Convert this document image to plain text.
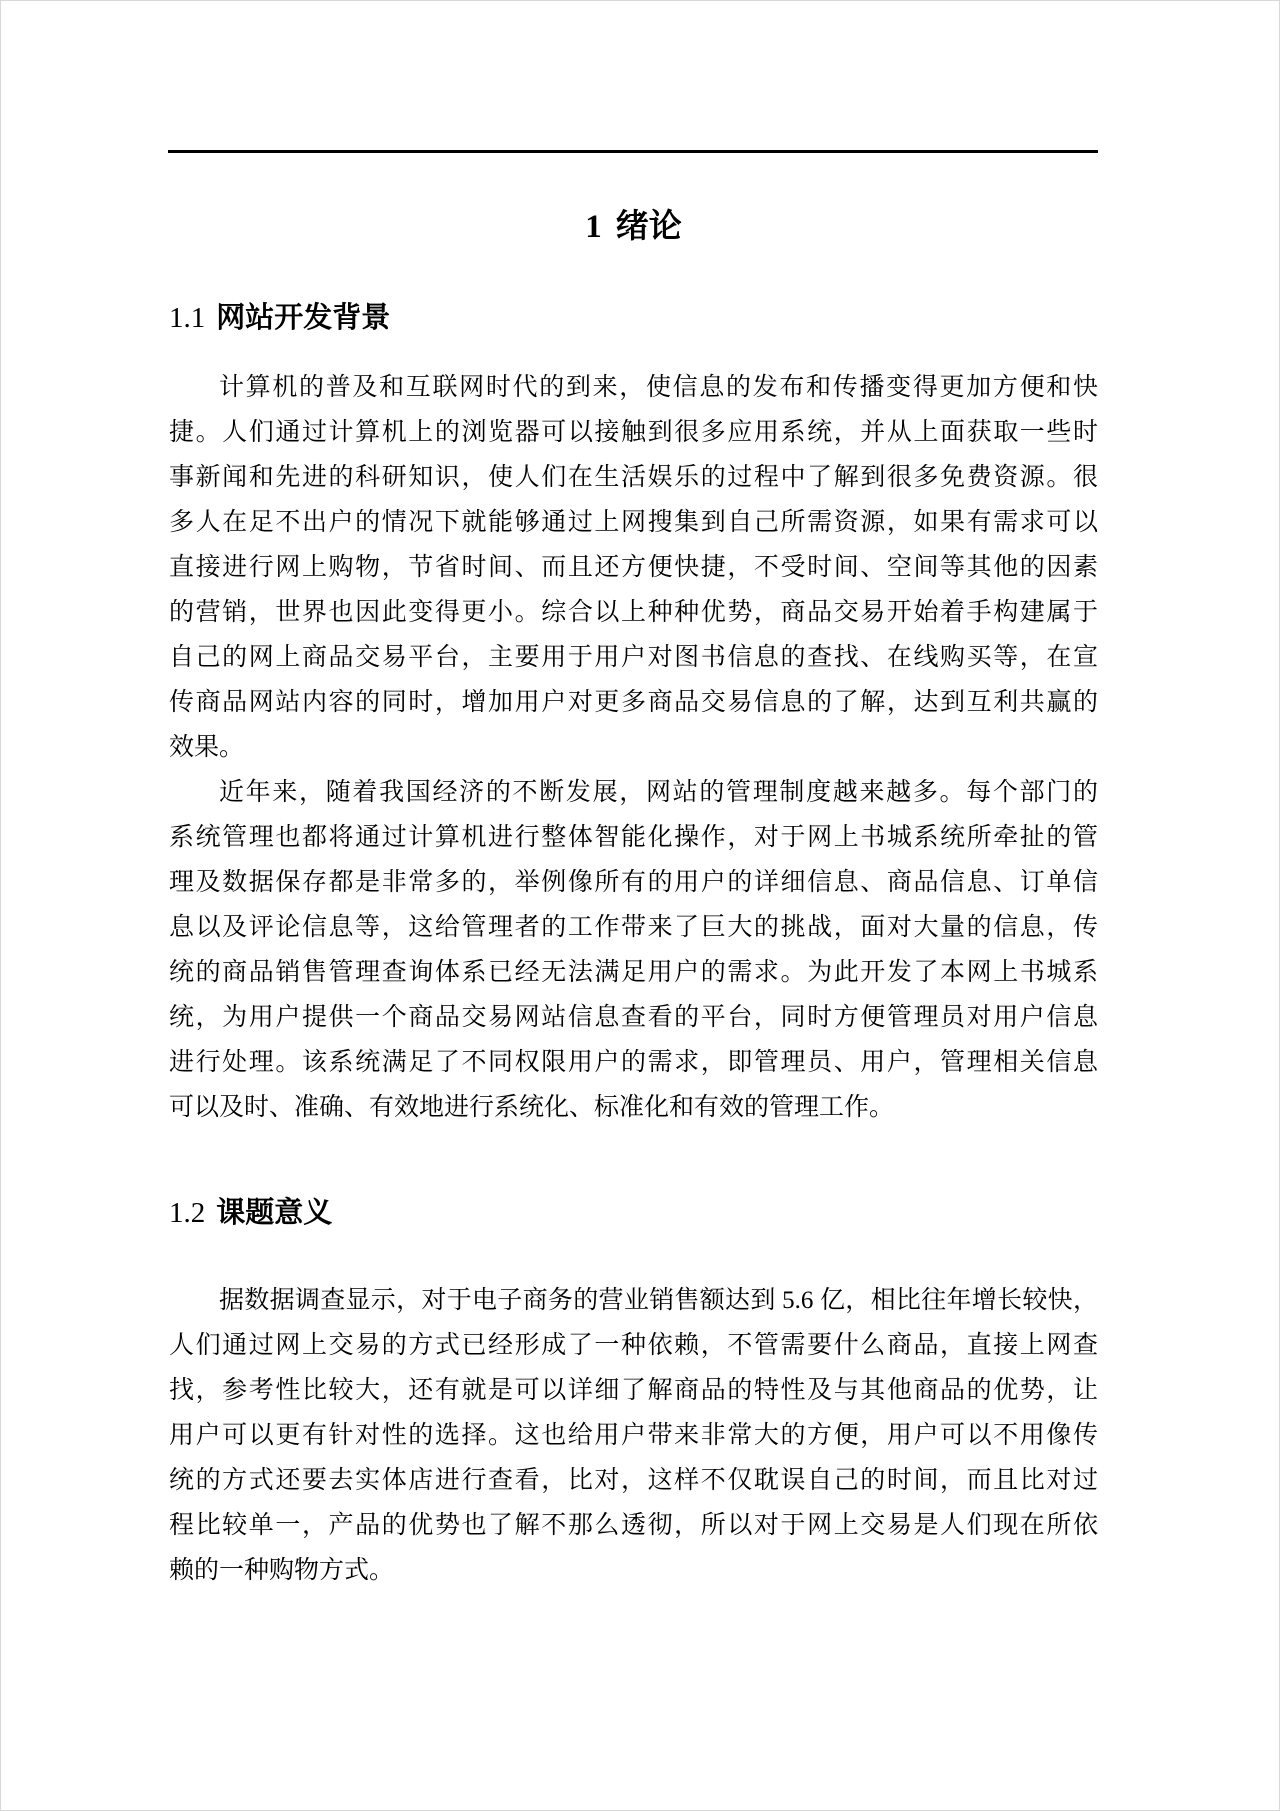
1 绪论
1.1 网站开发背景
计算机的普及和互联网时代的到来，使信息的发布和传播变得更加方便和快
捷。人们通过计算机上的浏览器可以接触到很多应用系统，并从上面获取一些时
事新闻和先进的科研知识，使人们在生活娱乐的过程中了解到很多免费资源。很
多人在足不出户的情况下就能够通过上网搜集到自己所需资源，如果有需求可以
直接进行网上购物，节省时间、而且还方便快捷，不受时间、空间等其他的因素
的营销，世界也因此变得更小。综合以上种种优势，商品交易开始着手构建属于
自己的网上商品交易平台，主要用于用户对图书信息的查找、在线购买等，在宣
传商品网站内容的同时，增加用户对更多商品交易信息的了解，达到互利共赢的
效果。
近年来，随着我国经济的不断发展，网站的管理制度越来越多。每个部门的
系统管理也都将通过计算机进行整体智能化操作，对于网上书城系统所牵扯的管
理及数据保存都是非常多的，举例像所有的用户的详细信息、商品信息、订单信
息以及评论信息等，这给管理者的工作带来了巨大的挑战，面对大量的信息，传
统的商品销售管理查询体系已经无法满足用户的需求。为此开发了本网上书城系
统，为用户提供一个商品交易网站信息查看的平台，同时方便管理员对用户信息
进行处理。该系统满足了不同权限用户的需求，即管理员、用户，管理相关信息
可以及时、准确、有效地进行系统化、标准化和有效的管理工作。
1.2 课题意义
据数据调查显示，对于电子商务的营业销售额达到 5.6 亿，相比往年增长较快，
人们通过网上交易的方式已经形成了一种依赖，不管需要什么商品，直接上网查
找，参考性比较大，还有就是可以详细了解商品的特性及与其他商品的优势，让
用户可以更有针对性的选择。这也给用户带来非常大的方便，用户可以不用像传
统的方式还要去实体店进行查看，比对，这样不仅耽误自己的时间，而且比对过
程比较单一，产品的优势也了解不那么透彻，所以对于网上交易是人们现在所依
赖的一种购物方式。
